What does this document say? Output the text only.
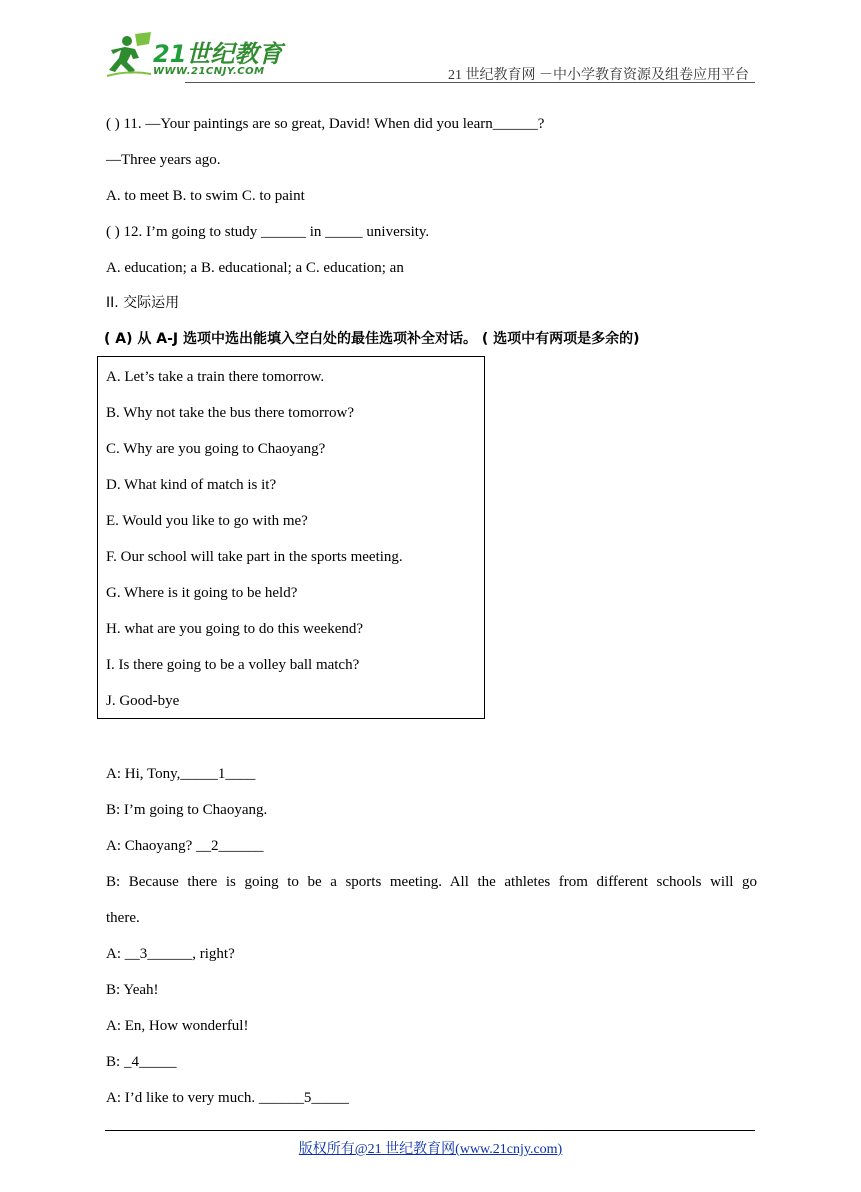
21世纪教育
WWW.21CNJY.COM	21 世纪教育网 －中小学教育资源及组卷应用平台
( ) 11. —Your paintings are so great, David! When did you learn______?
—Three years ago.
A. to meet B. to swim C. to paint
( ) 12. I’m going to study ______ in _____ university.
A. education; a B. educational; a C. education; an
II. 交际运用
( A) 从 A-J 选项中选出能填入空白处的最佳选项补全对话。 ( 选项中有两项是多余的)
A. Let’s take a train there tomorrow.
B. Why not take the bus there tomorrow?
C. Why are you going to Chaoyang?
D. What kind of match is it?
E. Would you like to go with me?
F. Our school will take part in the sports meeting.
G. Where is it going to be held?
H. what are you going to do this weekend?
I. Is there going to be a volley ball match?
J. Good-bye
A: Hi, Tony,_____1____
B: I’m going to Chaoyang.
A: Chaoyang? __2______
B: Because there is going to be a sports meeting. All the athletes from different schools will go
there.
A: __3______, right?
B: Yeah!
A: En, How wonderful!
B: _4_____
A: I’d like to very much. ______5_____
版权所有@21 世纪教育网(www.21cnjy.com)
